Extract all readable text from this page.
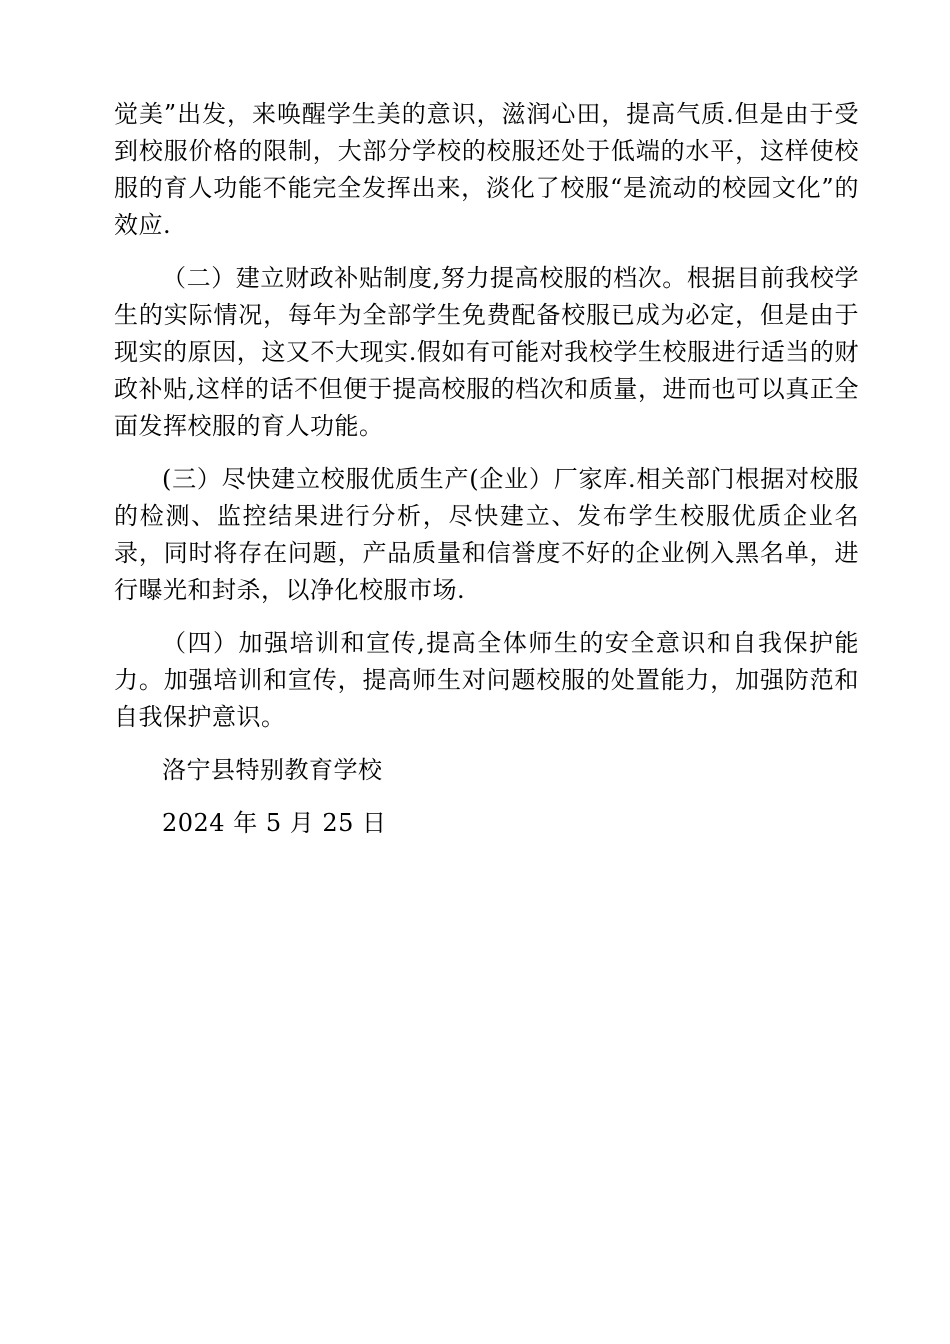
觉美”出发，来唤醒学生美的意识，滋润心田，提高气质.但是由于受到校服价格的限制，大部分学校的校服还处于低端的水平，这样使校服的育人功能不能完全发挥出来，淡化了校服“是流动的校园文化”的效应.

（二）建立财政补贴制度,努力提高校服的档次。根据目前我校学生的实际情况，每年为全部学生免费配备校服已成为必定，但是由于现实的原因，这又不大现实.假如有可能对我校学生校服进行适当的财政补贴,这样的话不但便于提高校服的档次和质量，进而也可以真正全面发挥校服的育人功能。

(三）尽快建立校服优质生产(企业）厂家库.相关部门根据对校服的检测、监控结果进行分析，尽快建立、发布学生校服优质企业名录，同时将存在问题，产品质量和信誉度不好的企业例入黑名单，进行曝光和封杀，以净化校服市场.

（四）加强培训和宣传,提高全体师生的安全意识和自我保护能力。加强培训和宣传，提高师生对问题校服的处置能力，加强防范和自我保护意识。

洛宁县特别教育学校

2024 年 5 月 25 日
